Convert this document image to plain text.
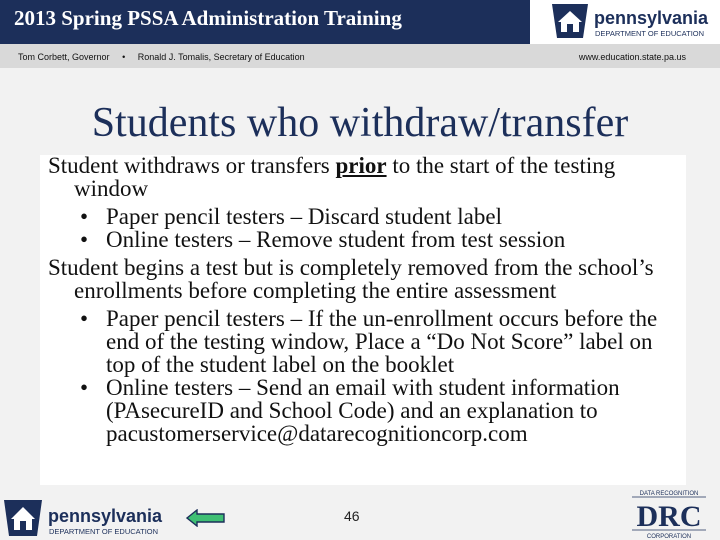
2013 Spring PSSA Administration Training	pennsylvania
DEPARTMENT OF EDUCATION
Tom Corbett, Governor • Ronald J. Tomalis, Secretary of Education	www.education.state.pa.us
Students who withdraw/transfer

Student withdraws or transfers prior to the start of the testing window

• Paper pencil testers – Discard student label

• Online testers – Remove student from test session

Student begins a test but is completely removed from the school’s enrollments before completing the entire assessment

• Paper pencil testers – If the un-enrollment occurs before the end of the testing window, Place a “Do Not Score” label on top of the student label on the booklet

• Online testers – Send an email with student information (PAsecureID and School Code) and an explanation to pacustomerservice@datarecognitioncorp.com

46
pennsylvania
DEPARTMENT OF EDUCATION
DATA RECOGNITION
DRC
CORPORATION
